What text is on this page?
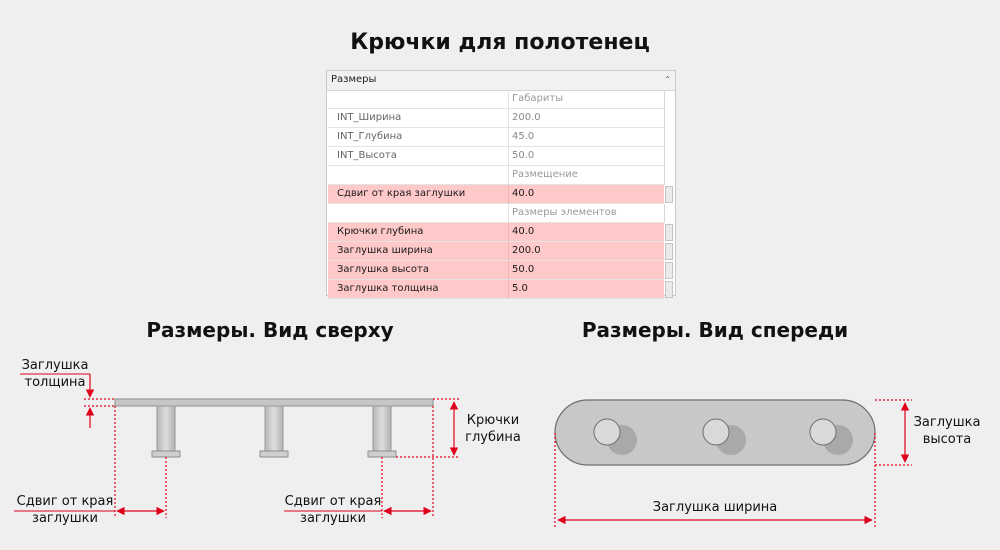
Крючки для полотенец
Размеры	⌃
Габариты
INT_Ширина	200.0
INT_Глубина	45.0
INT_Высота	50.0
Размещение
Сдвиг от края заглушки	40.0
Размеры элементов
Крючки глубина	40.0
Заглушка ширина	200.0
Заглушка высота	50.0
Заглушка толщина	5.0
Размеры. Вид сверху
Заглушка толщина
Крючки глубина
Сдвиг от края заглушки
Сдвиг от края заглушки
Размеры. Вид спереди
Заглушка высота
Заглушка ширина
